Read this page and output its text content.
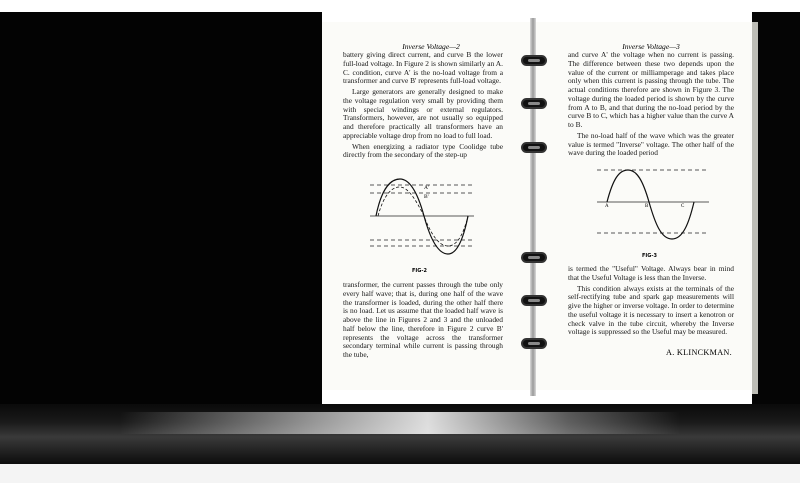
Inverse Voltage—2

battery giving direct current, and curve B the lower full-load voltage. In Figure 2 is shown similarly an A. C. condition, curve A' is the no-load voltage from a transformer and curve B' represents full-load voltage.

Large generators are generally designed to make the voltage regulation very small by providing them with special windings or external regulators. Transformers, however, are not usually so equipped and therefore practically all transformers have an appreciable voltage drop from no load to full load.

When energizing a radiator type Coolidge tube directly from the secondary of the step-up

A'
B'
FIG-2

transformer, the current passes through the tube only every half wave; that is, during one half of the wave the transformer is loaded, during the other half there is no load. Let us assume that the loaded half wave is above the line in Figures 2 and 3 and the unloaded half below the line, therefore in Figure 2 curve B' represents the voltage across the transformer secondary terminal while current is passing through the tube,

Inverse Voltage—3

and curve A' the voltage when no current is passing. The difference between these two depends upon the value of the current or milliamperage and takes place only when this current is passing through the tube. The actual conditions therefore are shown in Figure 3. The voltage during the loaded period is shown by the curve from A to B, and that during the no-load period by the curve B to C, which has a higher value than the curve A to B.

The no-load half of the wave which was the greater value is termed "Inverse" voltage. The other half of the wave during the loaded period

A	B	C
FIG-3

is termed the "Useful" Voltage. Always bear in mind that the Useful Voltage is less than the Inverse.

This condition always exists at the terminals of the self-rectifying tube and spark gap measurements will give the higher or inverse voltage. In order to determine the useful voltage it is necessary to insert a kenotron or check valve in the tube circuit, whereby the Inverse voltage is suppressed so the Useful may be measured.

A. KLINCKMAN.
